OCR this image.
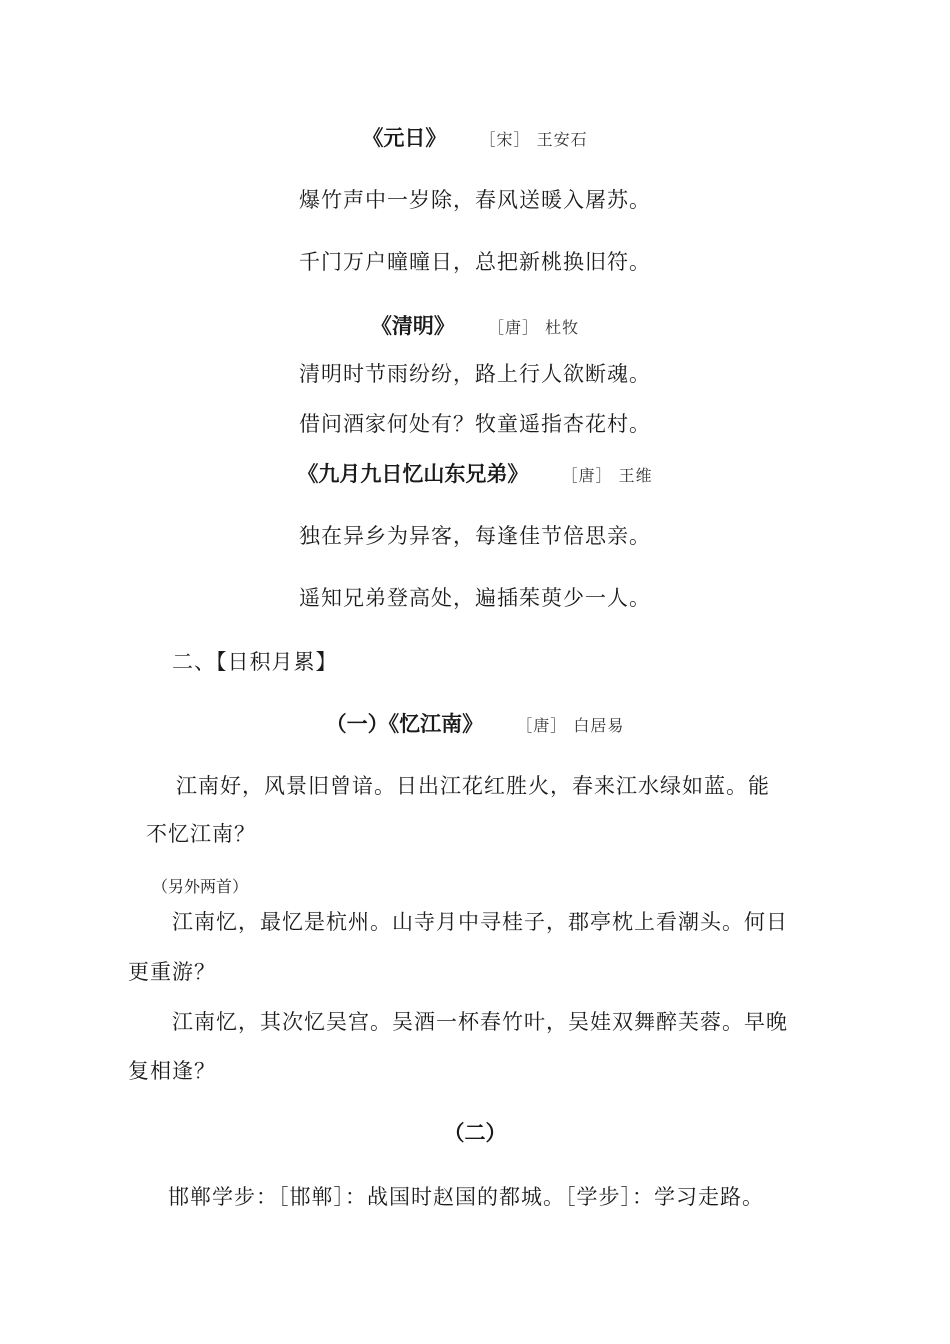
《元日》 ［宋］ 王安石
爆竹声中一岁除，春风送暖入屠苏。
千门万户曈曈日，总把新桃换旧符。
《清明》 ［唐］ 杜牧
清明时节雨纷纷，路上行人欲断魂。
借问酒家何处有？牧童遥指杏花村。
《九月九日忆山东兄弟》 ［唐］ 王维
独在异乡为异客，每逢佳节倍思亲。
遥知兄弟登高处，遍插茱萸少一人。
二、【日积月累】
（一）《忆江南》 ［唐］ 白居易
江南好，风景旧曾谙。日出江花红胜火，春来江水绿如蓝。能
不忆江南？
（另外两首）
江南忆，最忆是杭州。山寺月中寻桂子，郡亭枕上看潮头。何日
更重游？
江南忆，其次忆吴宫。吴酒一杯春竹叶，吴娃双舞醉芙蓉。早晚
复相逢？
（二）
邯郸学步：［邯郸］：战国时赵国的都城。［学步］：学习走路。
